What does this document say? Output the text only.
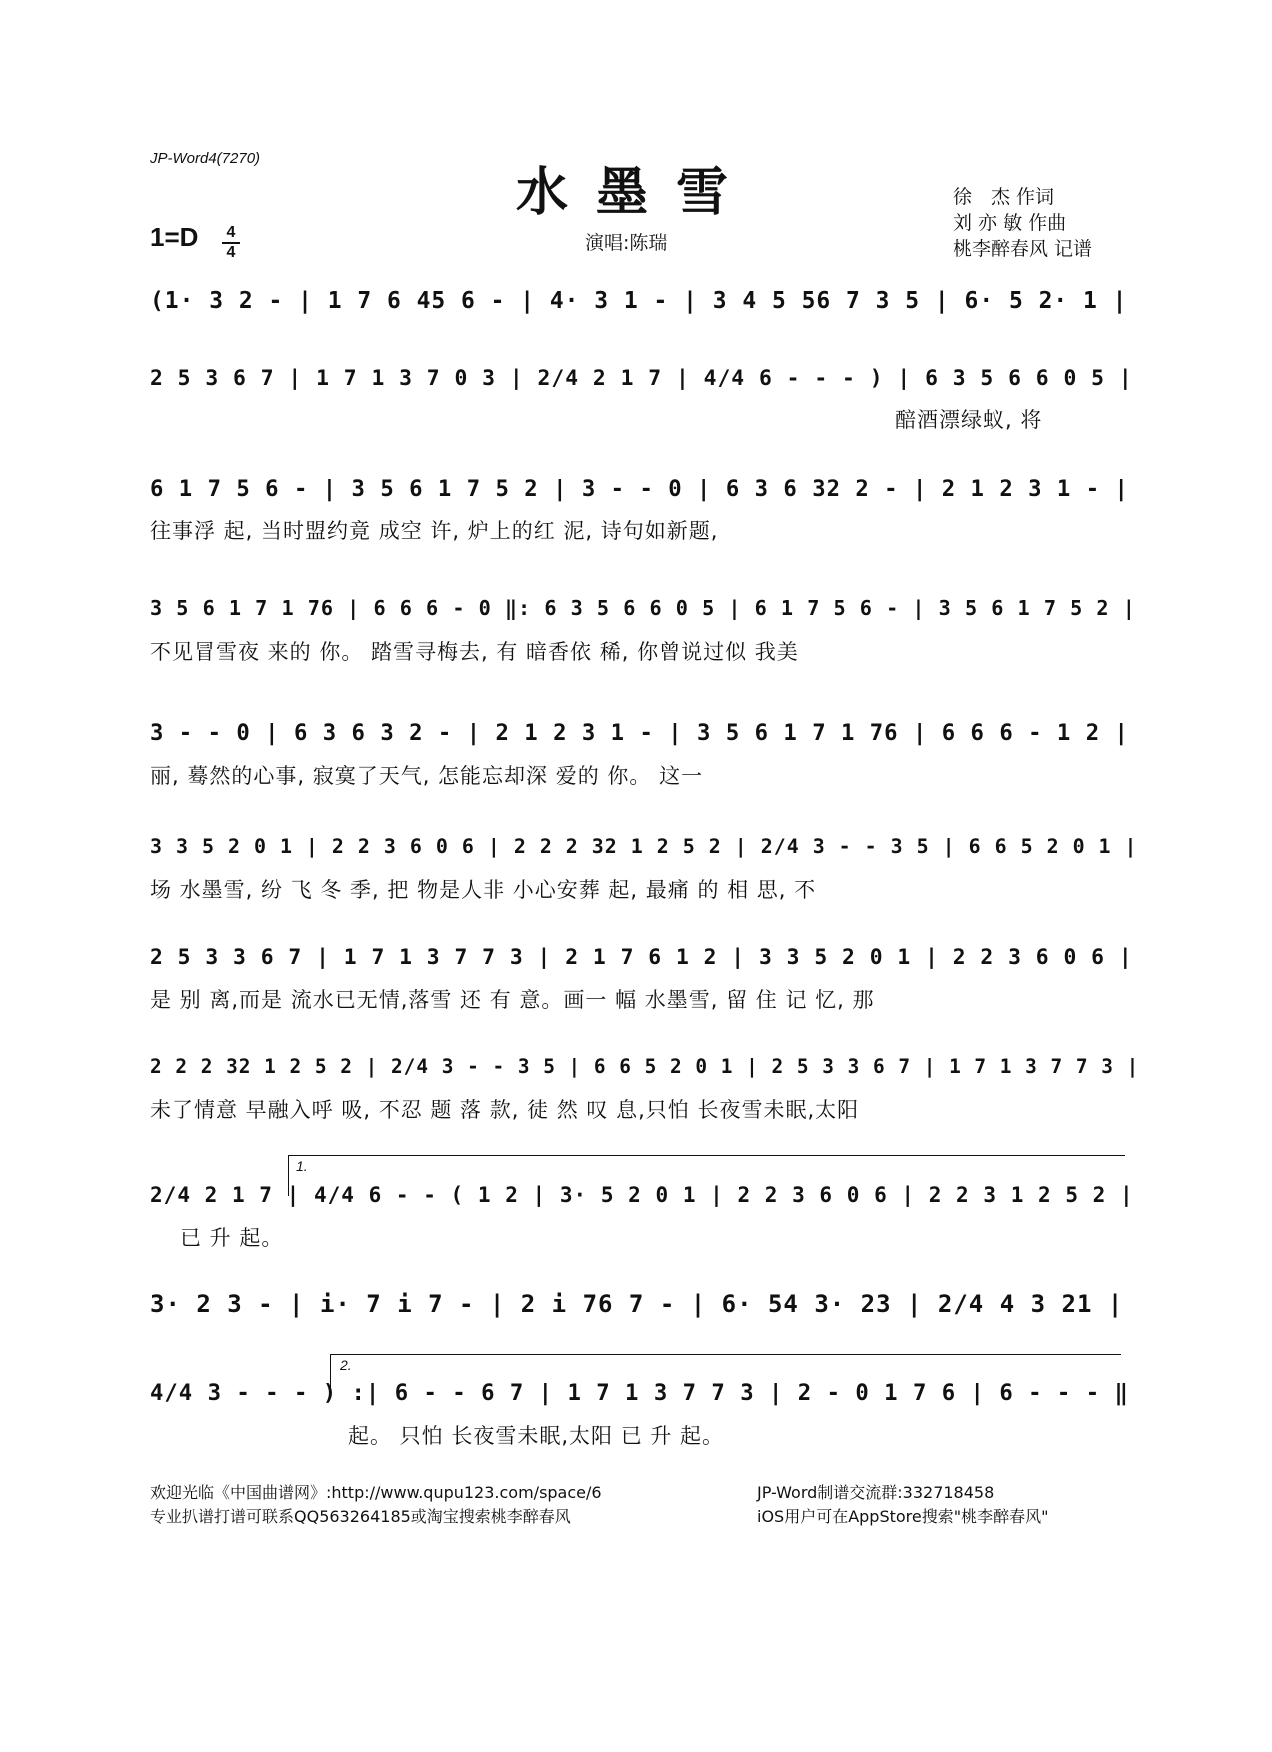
JP-Word4(7270)
水墨雪
1=D 4
4	演唱:陈瑞
徐　杰 作词
刘 亦 敏 作曲
桃李醉春风 记谱
(1· 3 2 - | 1 7 6 45 6 - | 4· 3 1 - | 3 4 5 56 7 3 5 | 6· 5 2· 1 |
2 5 3 6 7 | 1 7 1 3 7 0 3 | 2/4 2 1 7 | 4/4 6 - - - ) | 6 3 5 6 6 0 5 |
醅酒漂绿蚁, 将
6 1 7 5 6 - | 3 5 6 1 7 5 2 | 3 - - 0 | 6 3 6 32 2 - | 2 1 2 3 1 - |
往事浮 起, 当时盟约竟 成空 许, 炉上的红 泥, 诗句如新题,
3 5 6 1 7 1 76 | 6 6 6 - 0 ‖: 6 3 5 6 6 0 5 | 6 1 7 5 6 - | 3 5 6 1 7 5 2 |
不见冒雪夜 来的 你。 踏雪寻梅去, 有 暗香依 稀, 你曾说过似 我美
3 - - 0 | 6 3 6 3 2 - | 2 1 2 3 1 - | 3 5 6 1 7 1 76 | 6 6 6 - 1 2 |
丽, 蓦然的心事, 寂寞了天气, 怎能忘却深 爱的 你。 这一
3 3 5 2 0 1 | 2 2 3 6 0 6 | 2 2 2 32 1 2 5 2 | 2/4 3 - - 3 5 | 6 6 5 2 0 1 |
场 水墨雪, 纷 飞 冬 季, 把 物是人非 小心安葬 起, 最痛 的 相 思, 不
2 5 3 3 6 7 | 1 7 1 3 7 7 3 | 2 1 7 6 1 2 | 3 3 5 2 0 1 | 2 2 3 6 0 6 |
是 别 离,而是 流水已无情,落雪 还 有 意。画一 幅 水墨雪, 留 住 记 忆, 那
2 2 2 32 1 2 5 2 | 2/4 3 - - 3 5 | 6 6 5 2 0 1 | 2 5 3 3 6 7 | 1 7 1 3 7 7 3 |
未了情意 早融入呼 吸, 不忍 题 落 款, 徒 然 叹 息,只怕 长夜雪未眠,太阳
1.
2/4 2 1 7 | 4/4 6 - - ( 1 2 | 3· 5 2 0 1 | 2 2 3 6 0 6 | 2 2 3 1 2 5 2 |
已 升 起。
3· 2 3 - | i· 7 i 7 - | 2 i 76 7 - | 6· 54 3· 23 | 2/4 4 3 21 |
2.
4/4 3 - - - ) :| 6 - - 6 7 | 1 7 1 3 7 7 3 | 2 - 0 1 7 6 | 6 - - - ‖
起。 只怕 长夜雪未眠,太阳 已 升 起。
欢迎光临《中国曲谱网》:http://www.qupu123.com/space/6
专业扒谱打谱可联系QQ563264185或淘宝搜索桃李醉春风
JP-Word制谱交流群:332718458
iOS用户可在AppStore搜索"桃李醉春风"
